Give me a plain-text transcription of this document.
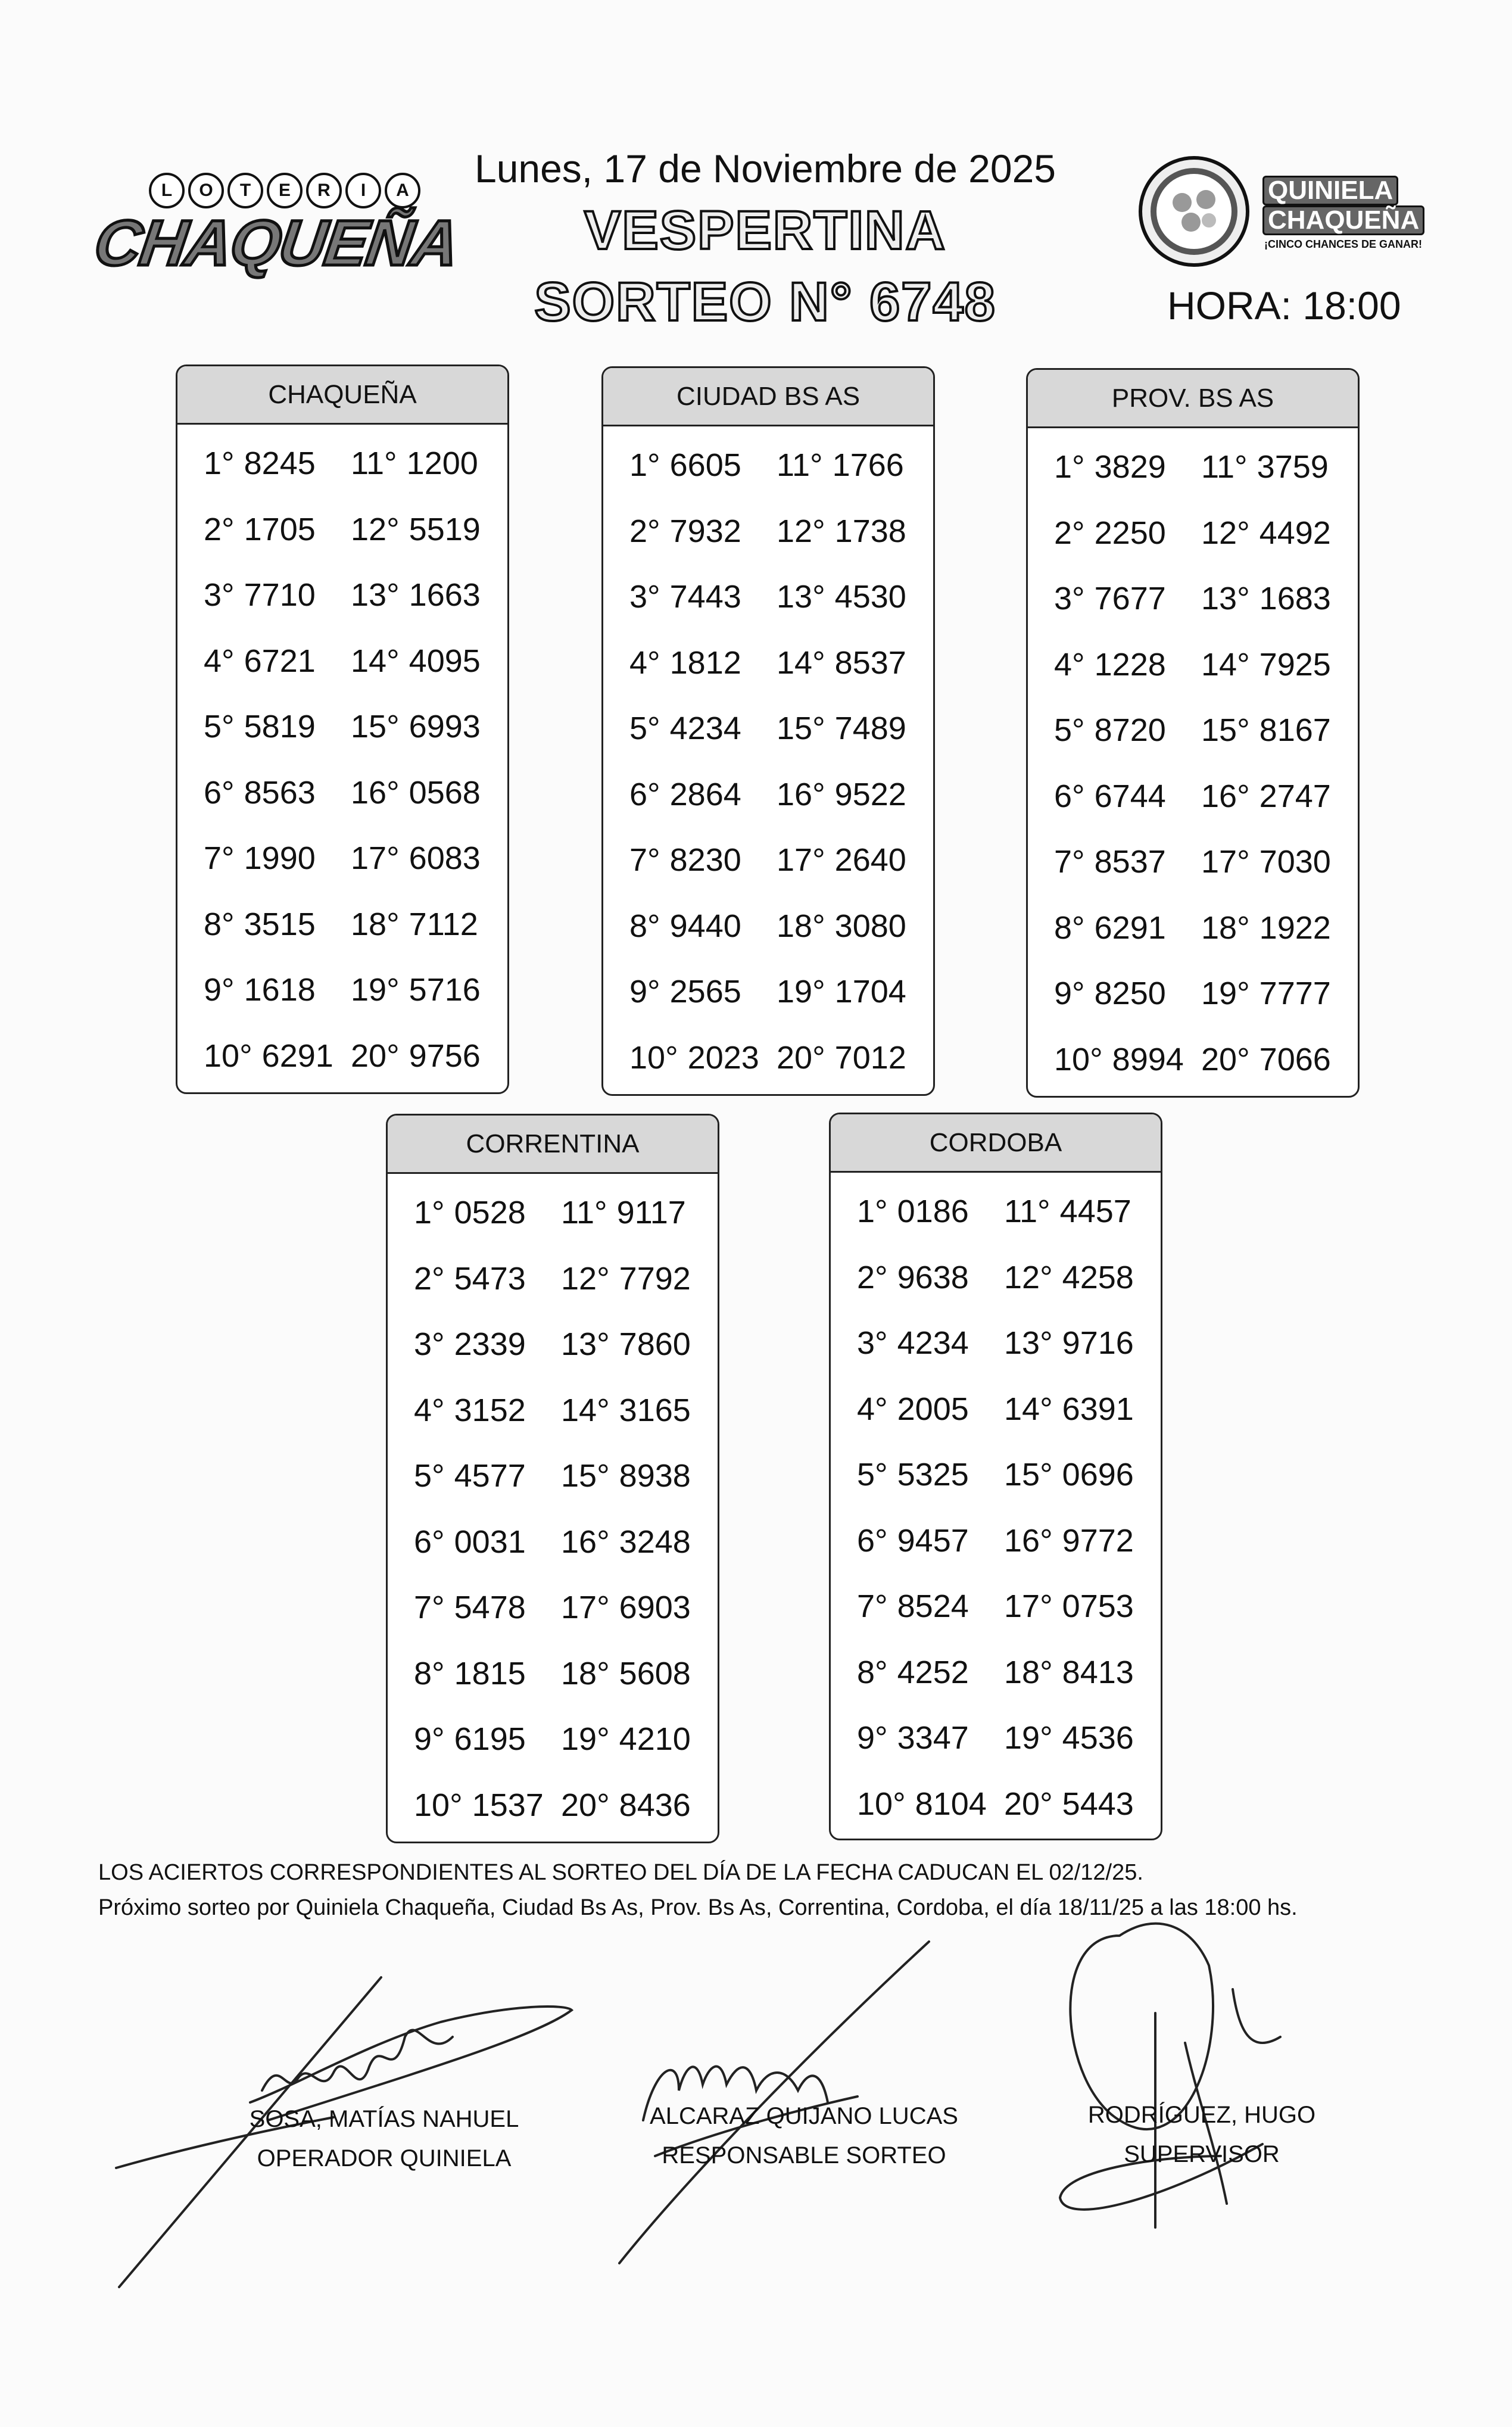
L	O	T	E	R	I	A
CHAQUEÑA
Lunes, 17 de Noviembre de 2025
VESPERTINA
SORTEO N° 6748
QUINIELA
CHAQUEÑA
¡CINCO CHANCES DE GANAR!
HORA: 18:00
CHAQUEÑA
1° 8245	11° 1200
2° 1705	12° 5519
3° 7710	13° 1663
4° 6721	14° 4095
5° 5819	15° 6993
6° 8563	16° 0568
7° 1990	17° 6083
8° 3515	18° 7112
9° 1618	19° 5716
10° 6291 20° 9756
CIUDAD BS AS
1° 6605	11° 1766
2° 7932	12° 1738
3° 7443	13° 4530
4° 1812	14° 8537
5° 4234	15° 7489
6° 2864	16° 9522
7° 8230	17° 2640
8° 9440	18° 3080
9° 2565	19° 1704
10° 2023 20° 7012
PROV. BS AS
1° 3829	11° 3759
2° 2250	12° 4492
3° 7677	13° 1683
4° 1228	14° 7925
5° 8720	15° 8167
6° 6744	16° 2747
7° 8537	17° 7030
8° 6291	18° 1922
9° 8250	19° 7777
10° 8994 20° 7066
CORRENTINA
1° 0528	11° 9117
2° 5473	12° 7792
3° 2339	13° 7860
4° 3152	14° 3165
5° 4577	15° 8938
6° 0031	16° 3248
7° 5478	17° 6903
8° 1815	18° 5608
9° 6195	19° 4210
10° 1537 20° 8436
CORDOBA
1° 0186	11° 4457
2° 9638	12° 4258
3° 4234	13° 9716
4° 2005	14° 6391
5° 5325	15° 0696
6° 9457	16° 9772
7° 8524	17° 0753
8° 4252	18° 8413
9° 3347	19° 4536
10° 8104 20° 5443
LOS ACIERTOS CORRESPONDIENTES AL SORTEO DEL DÍA DE LA FECHA CADUCAN EL 02/12/25.
Próximo sorteo por Quiniela Chaqueña, Ciudad Bs As, Prov. Bs As, Correntina, Cordoba, el día 18/11/25 a las 18:00 hs.
SOSA, MATÍAS NAHUEL
OPERADOR QUINIELA
ALCARAZ QUIJANO LUCAS
RESPONSABLE SORTEO
RODRÍGUEZ, HUGO
SUPERVISOR
